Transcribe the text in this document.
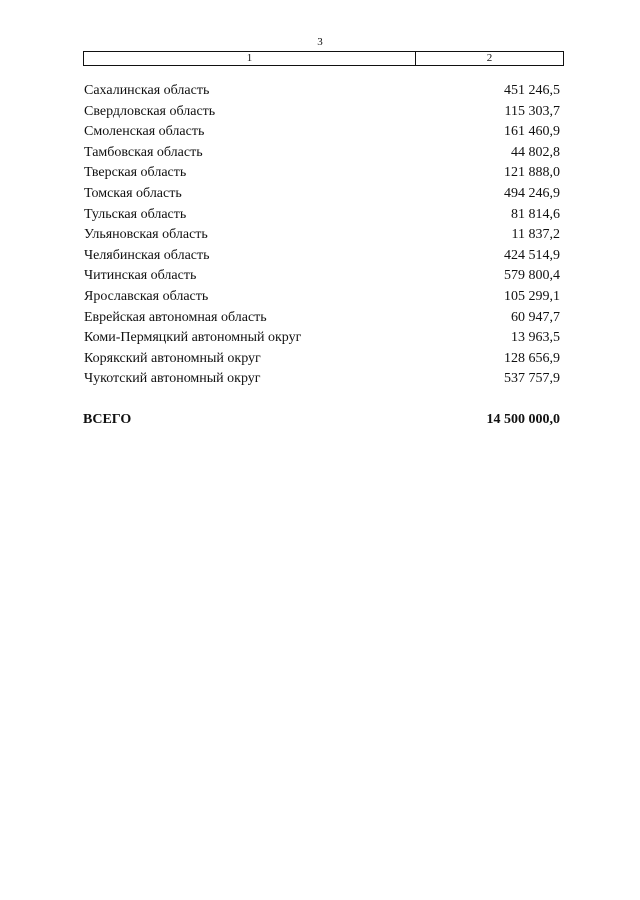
3
1	2
Сахалинская область	451 246,5
Свердловская область	115 303,7
Смоленская область	161 460,9
Тамбовская область	44 802,8
Тверская область	121 888,0
Томская область	494 246,9
Тульская область	81 814,6
Ульяновская область	11 837,2
Челябинская область	424 514,9
Читинская область	579 800,4
Ярославская область	105 299,1
Еврейская автономная область	60 947,7
Коми-Пермяцкий автономный округ	13 963,5
Корякский автономный округ	128 656,9
Чукотский автономный округ	537 757,9
ВСЕГО	14 500 000,0
